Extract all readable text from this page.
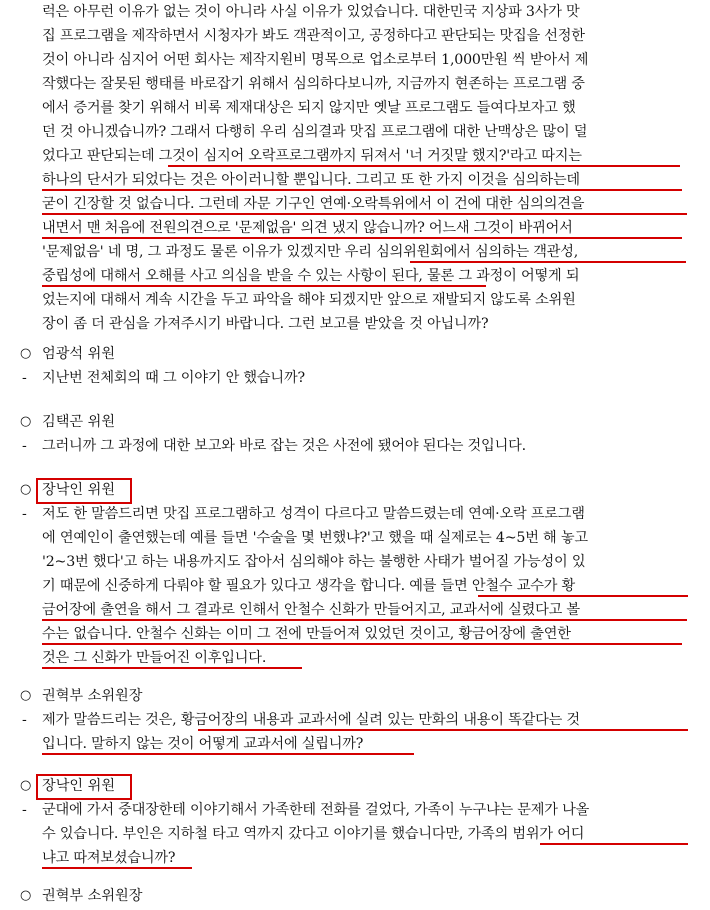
럭은 아무런 이유가 없는 것이 아니라 사실 이유가 있었습니다. 대한민국 지상파 3사가 맛
집 프로그램을 제작하면서 시청자가 봐도 객관적이고, 공정하다고 판단되는 맛집을 선정한
것이 아니라 심지어 어떤 회사는 제작지원비 명목으로 업소로부터 1,000만원 씩 받아서 제
작했다는 잘못된 행태를 바로잡기 위해서 심의하다보니까, 지금까지 현존하는 프로그램 중
에서 증거를 찾기 위해서 비록 제재대상은 되지 않지만 옛날 프로그램도 들여다보자고 했
던 것 아니겠습니까? 그래서 다행히 우리 심의결과 맛집 프로그램에 대한 난맥상은 많이 덜
었다고 판단되는데 그것이 심지어 오락프로그램까지 뒤져서 '너 거짓말 했지?'라고 따지는
하나의 단서가 되었다는 것은 아이러니할 뿐입니다. 그리고 또 한 가지 이것을 심의하는데
굳이 긴장할 것 없습니다. 그런데 자문 기구인 연예·오락특위에서 이 건에 대한 심의의견을
내면서 맨 처음에 전원의견으로 '문제없음' 의견 냈지 않습니까? 어느새 그것이 바뀌어서
'문제없음' 네 명, 그 과정도 물론 이유가 있겠지만 우리 심의위원회에서 심의하는 객관성,
중립성에 대해서 오해를 사고 의심을 받을 수 있는 사항이 된다, 물론 그 과정이 어떻게 되
었는지에 대해서 계속 시간을 두고 파악을 해야 되겠지만 앞으로 재발되지 않도록 소위원
장이 좀 더 관심을 가져주시기 바랍니다. 그런 보고를 받았을 것 아닙니까?
○ 엄광석 위원
- 지난번 전체회의 때 그 이야기 안 했습니까?
○ 김택곤 위원
- 그러니까 그 과정에 대한 보고와 바로 잡는 것은 사전에 됐어야 된다는 것입니다.
○ 장낙인 위원
- 저도 한 말씀드리면 맛집 프로그램하고 성격이 다르다고 말씀드렸는데 연예·오락 프로그램
에 연예인이 출연했는데 예를 들면 '수술을 몇 번했냐?'고 했을 때 실제로는 4~5번 해 놓고
'2~3번 했다'고 하는 내용까지도 잡아서 심의해야 하는 불행한 사태가 벌어질 가능성이 있
기 때문에 신중하게 다뤄야 할 필요가 있다고 생각을 합니다. 예를 들면 안철수 교수가 황
금어장에 출연을 해서 그 결과로 인해서 안철수 신화가 만들어지고, 교과서에 실렸다고 볼
수는 없습니다. 안철수 신화는 이미 그 전에 만들어져 있었던 것이고, 황금어장에 출연한
것은 그 신화가 만들어진 이후입니다.
○ 권혁부 소위원장
- 제가 말씀드리는 것은, 황금어장의 내용과 교과서에 실려 있는 만화의 내용이 똑같다는 것
입니다. 말하지 않는 것이 어떻게 교과서에 실립니까?
○ 장낙인 위원
- 군대에 가서 중대장한테 이야기해서 가족한테 전화를 걸었다, 가족이 누구냐는 문제가 나올
수 있습니다. 부인은 지하철 타고 역까지 갔다고 이야기를 했습니다만, 가족의 범위가 어디
냐고 따져보셨습니까?
○ 권혁부 소위원장
